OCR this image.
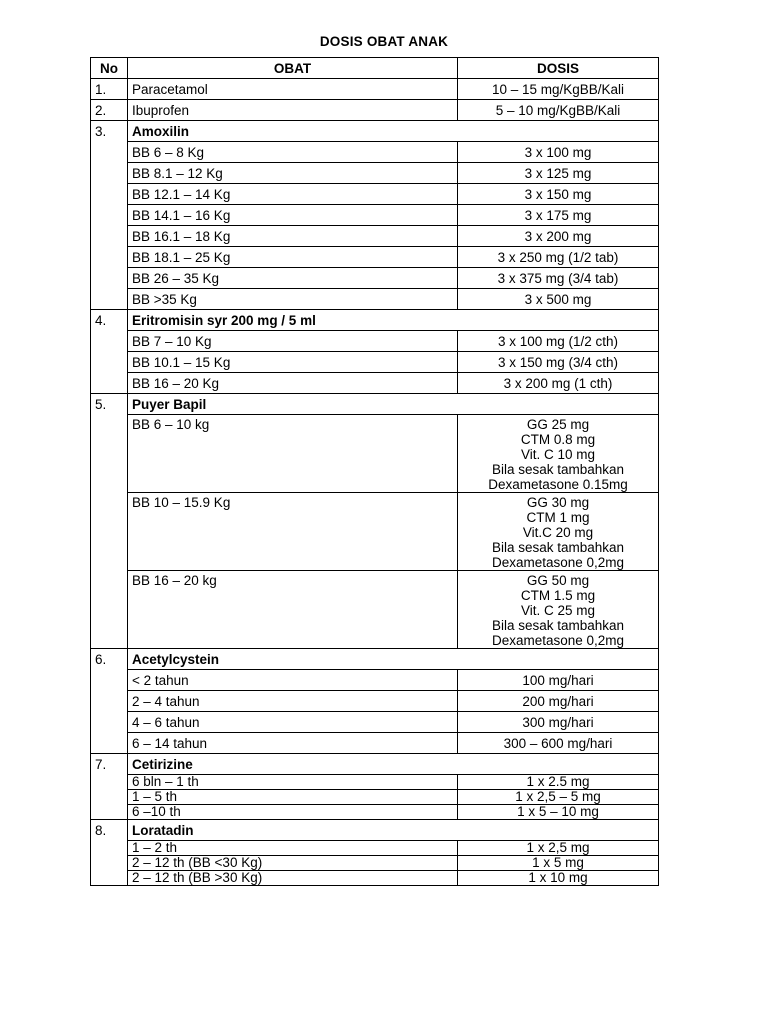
DOSIS OBAT ANAK
No	OBAT	DOSIS
1.	Paracetamol	10 – 15 mg/KgBB/Kali
2.	Ibuprofen	5 – 10 mg/KgBB/Kali
3.	Amoxilin	
	BB 6 – 8 Kg	3 x 100 mg
	BB 8.1 – 12 Kg	3 x 125 mg
	BB 12.1 – 14 Kg	3 x 150 mg
	BB 14.1 – 16 Kg	3 x 175 mg
	BB 16.1 – 18 Kg	3 x 200 mg
	BB 18.1 – 25 Kg	3 x 250 mg (1/2 tab)
	BB 26 – 35 Kg	3 x 375 mg (3/4 tab)
	BB >35 Kg	3 x 500 mg
4.	Eritromisin syr 200 mg / 5 ml	
	BB 7 – 10 Kg	3 x 100 mg (1/2 cth)
	BB 10.1 – 15 Kg	3 x 150 mg (3/4 cth)
	BB 16 – 20 Kg	3 x 200 mg (1 cth)
5.	Puyer Bapil	
	BB 6 – 10 kg	GG 25 mg
CTM 0.8 mg
Vit. C 10 mg
Bila sesak tambahkan
Dexametasone 0.15mg

	BB 10 – 15.9 Kg	GG 30 mg
CTM 1 mg
Vit.C 20 mg
Bila sesak tambahkan
Dexametasone 0,2mg

	BB 16 – 20 kg	GG 50 mg
CTM 1.5 mg
Vit. C 25 mg
Bila sesak tambahkan
Dexametasone 0,2mg

6.	Acetylcystein	
	< 2 tahun	100 mg/hari
	2 – 4 tahun	200 mg/hari
	4 – 6 tahun	300 mg/hari
	6 – 14 tahun	300 – 600 mg/hari
7.	Cetirizine	
	6 bln – 1 th	1 x 2.5 mg
	1 – 5 th	1 x 2,5 – 5 mg
	6 –10 th	1 x 5 – 10 mg
8.	Loratadin	
	1 – 2 th	1 x 2,5 mg
	2 – 12 th (BB <30 Kg)	1 x 5 mg
	2 – 12 th (BB >30 Kg)	1 x 10 mg
